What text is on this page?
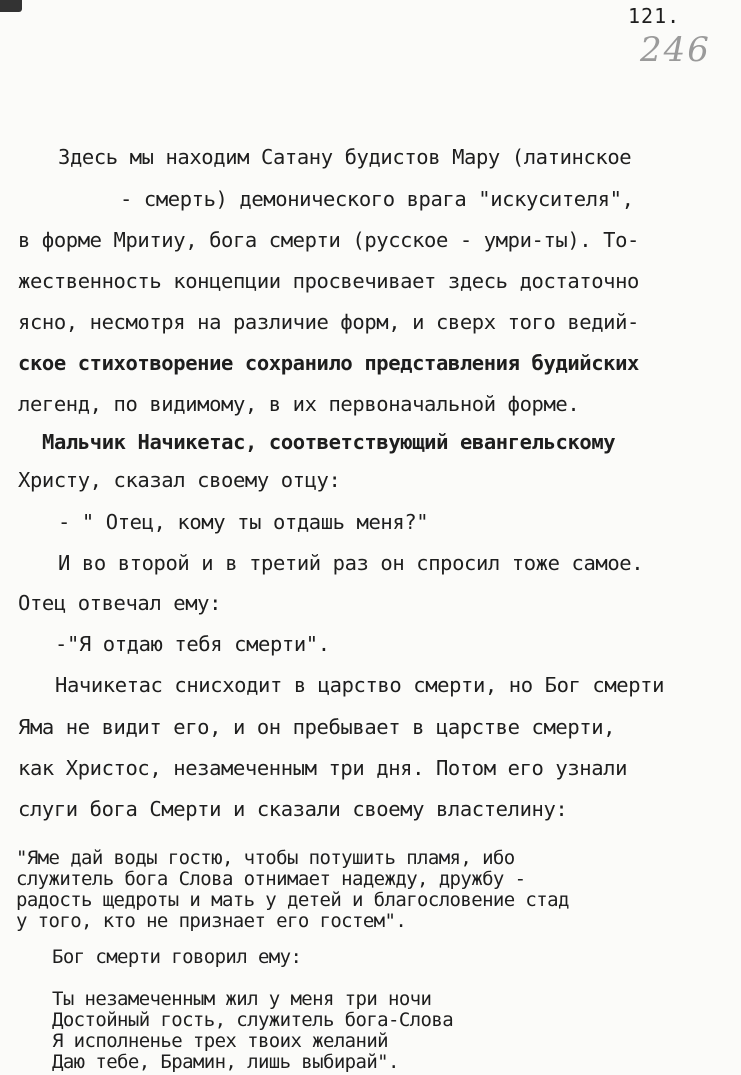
121.
246
Здесь мы находим Сатану будистов Мару (латинское
- смерть) демонического врага "искусителя",
в форме Мритиу, бога смерти (русское - умри-ты). То-
жественность концепции просвечивает здесь достаточно
ясно, несмотря на различие форм, и сверх того ведий-
ское стихотворение сохранило представления будийских
легенд, по видимому, в их первоначальной форме.
Мальчик Начикетас, соответствующий евангельскому
Христу, сказал своему отцу:
- " Отец, кому ты отдашь меня?"
И во второй и в третий раз он спросил тоже самое.
Отец отвечал ему:
-"Я отдаю тебя смерти".
Начикетас снисходит в царство смерти, но Бог смерти
Яма не видит его, и он пребывает в царстве смерти,
как Христос, незамеченным три дня. Потом его узнали
слуги бога Смерти и сказали своему властелину:
"Яме дай воды гостю, чтобы потушить пламя, ибо
служитель бога Слова отнимает надежду, дружбу -
радость щедроты и мать у детей и благословение стад
у того, кто не признает его гостем".
Бог смерти говорил ему:
Ты незамеченным жил у меня три ночи
Достойный гость, служитель бога-Слова
Я исполненье трех твоих желаний
Даю тебе, Брамин, лишь выбирай".
